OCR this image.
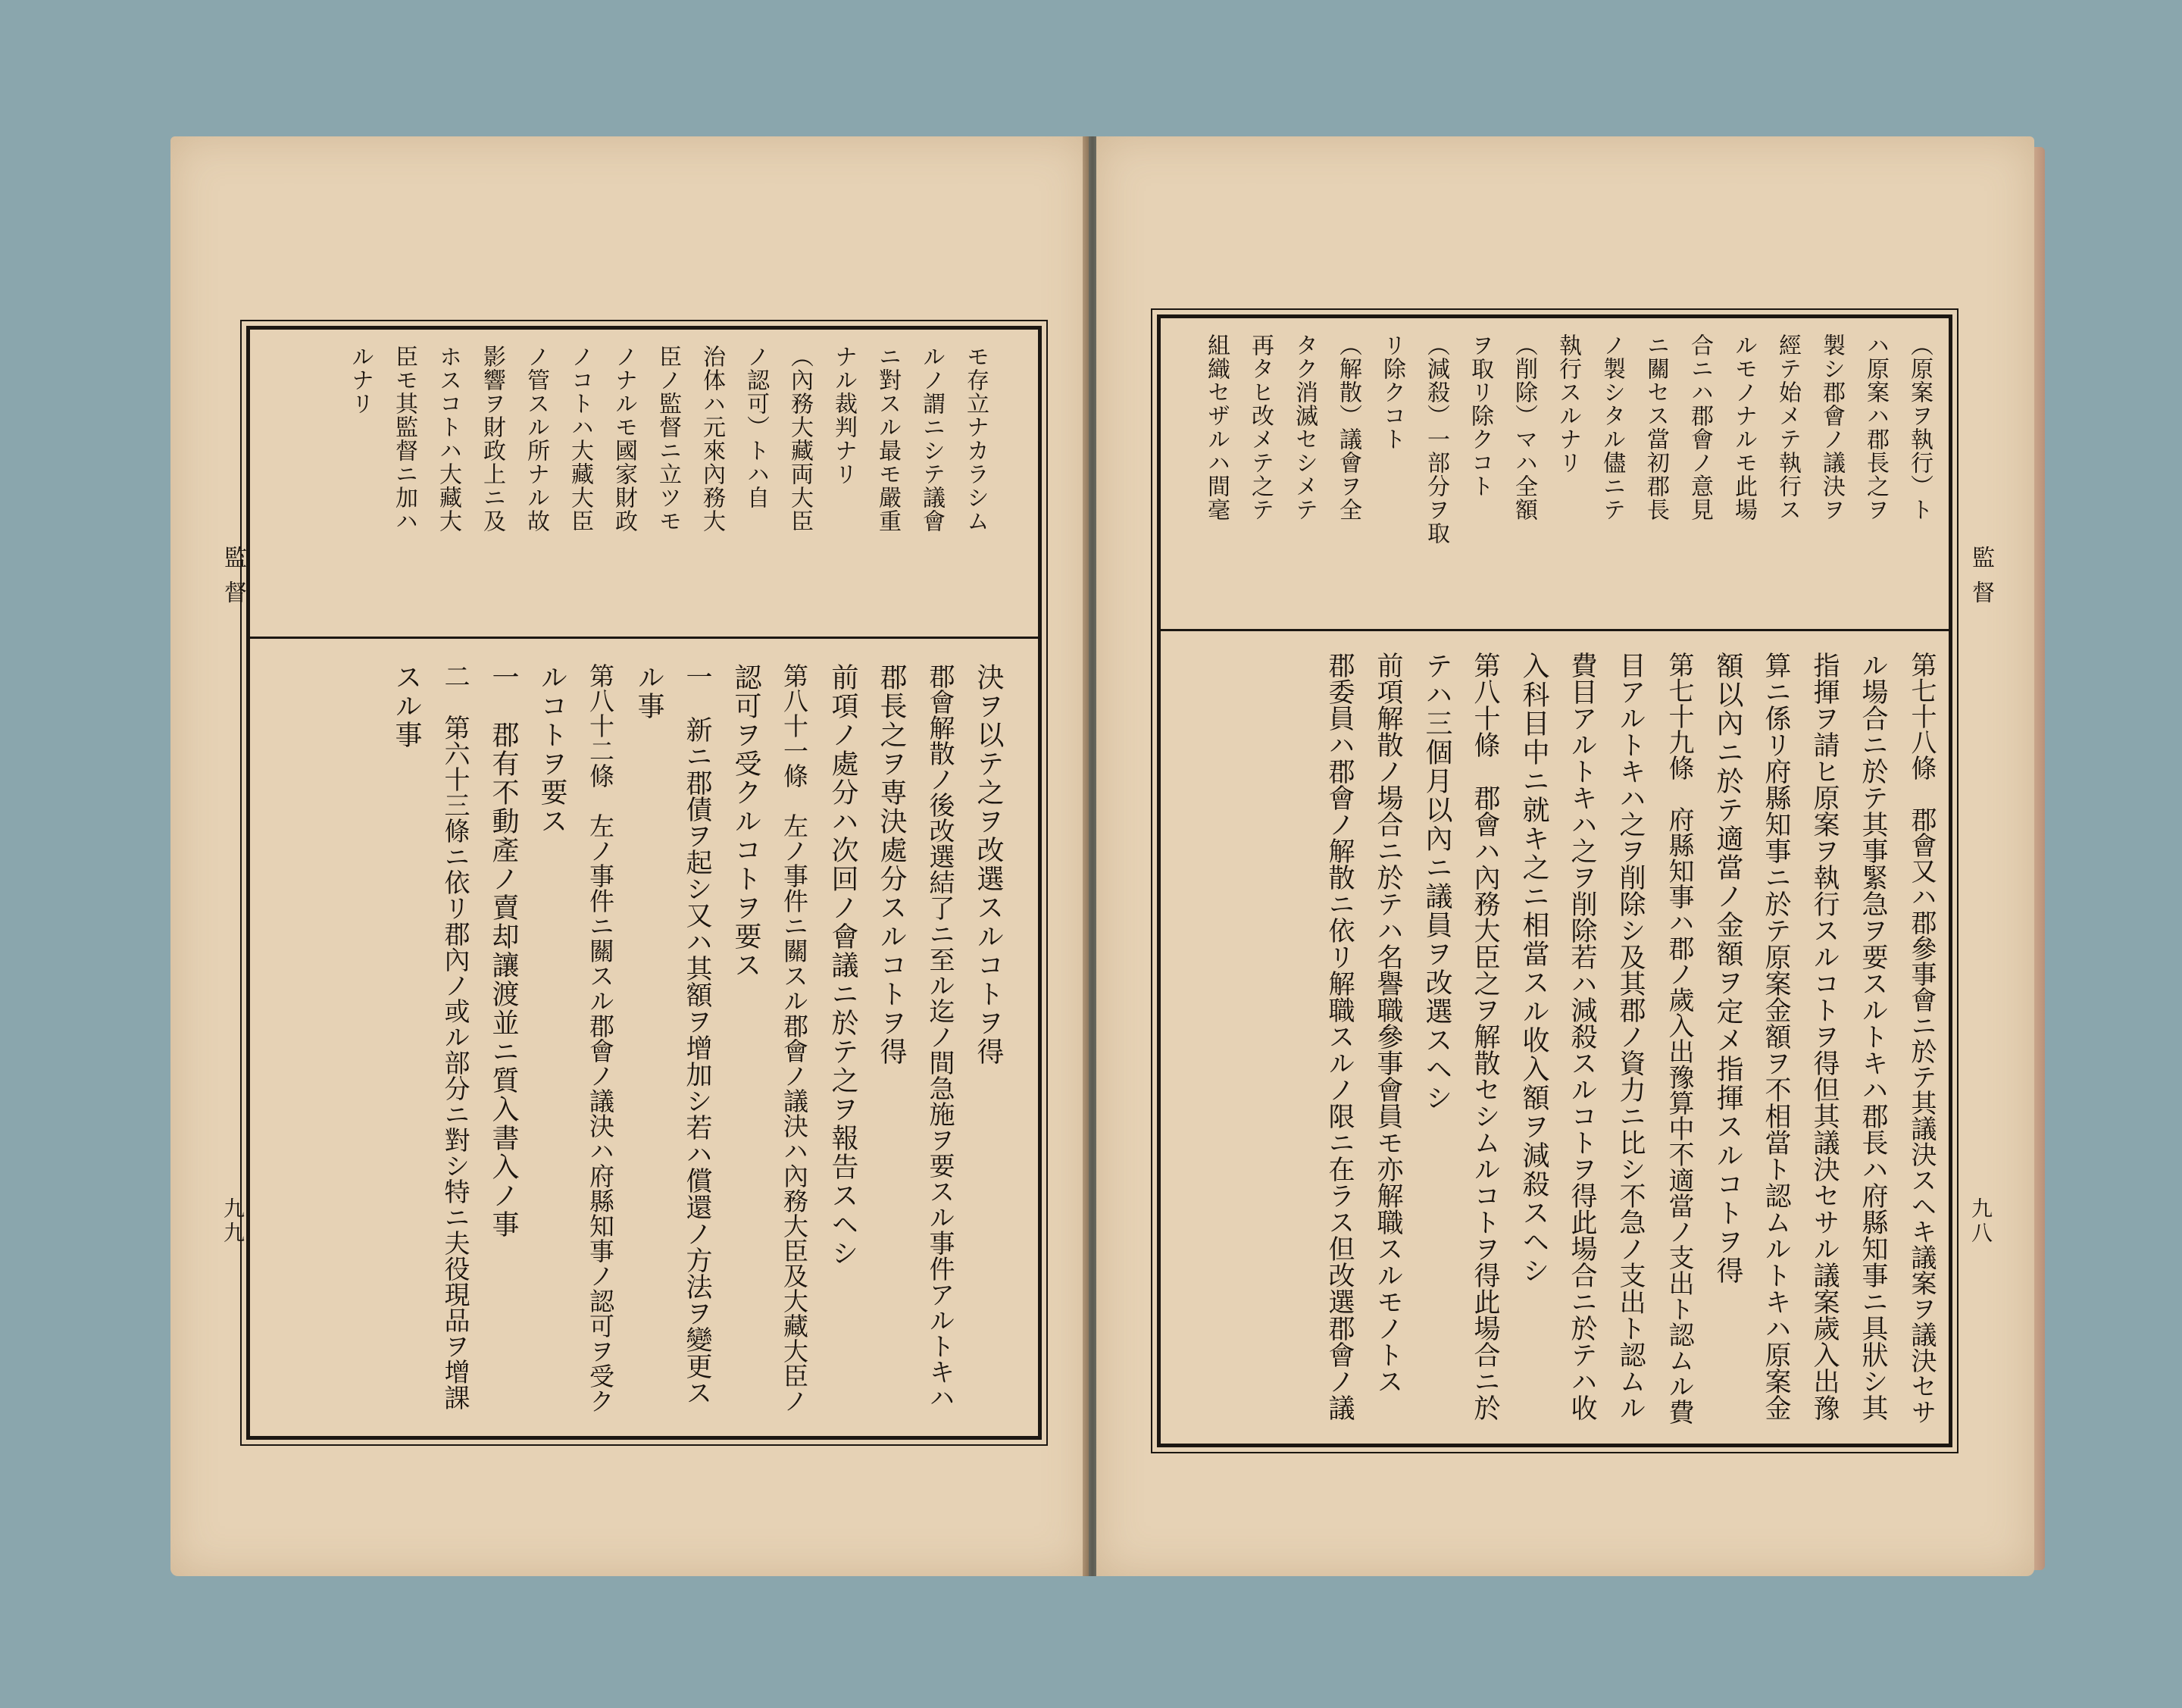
モ存立ナカラシム
ルノ謂ニシテ議會
ニ對スル最モ嚴重
ナル裁判ナリ
（內務大藏両大臣
ノ認可）トハ自
治体ハ元來內務大
臣ノ監督ニ立ツモ
ノナルモ國家財政
ノコトハ大藏大臣
ノ管スル所ナル故
影響ヲ財政上ニ及
ホスコトハ大藏大
臣モ其監督ニ加ハ
ルナリ
決ヲ以テ之ヲ改選スルコトヲ得
郡會解散ノ後改選結了ニ至ル迄ノ間急施ヲ要スル事件アルトキハ
郡長之ヲ専決處分スルコトヲ得
前項ノ處分ハ次回ノ會議ニ於テ之ヲ報告スヘシ
第八十一條　左ノ事件ニ關スル郡會ノ議決ハ內務大臣及大藏大臣ノ
認可ヲ受クルコトヲ要ス
一　新ニ郡債ヲ起シ又ハ其額ヲ增加シ若ハ償還ノ方法ヲ變更ス
ル事
第八十二條　左ノ事件ニ關スル郡會ノ議決ハ府縣知事ノ認可ヲ受ク
ルコトヲ要ス
一　郡有不動產ノ賣却讓渡並ニ質入書入ノ事
二　第六十三條ニ依リ郡內ノ或ル部分ニ對シ特ニ夫役現品ヲ增課
スル事
監督
九九
（原案ヲ執行）ト
ハ原案ハ郡長之ヲ
製シ郡會ノ議決ヲ
經テ始メテ執行ス
ルモノナルモ此場
合ニハ郡會ノ意見
ニ關セス當初郡長
ノ製シタル儘ニテ
執行スルナリ
（削除）マハ全額
ヲ取リ除クコト
（減殺）一部分ヲ取
リ除クコト
（解散）議會ヲ全
タク消滅セシメテ
再タヒ改メテ之テ
組織セザルハ間毫
第七十八條　郡會又ハ郡參事會ニ於テ其議決スヘキ議案ヲ議決セサ
ル場合ニ於テ其事緊急ヲ要スルトキハ郡長ハ府縣知事ニ具狀シ其
指揮ヲ請ヒ原案ヲ執行スルコトヲ得但其議決セサル議案歲入出豫
算ニ係リ府縣知事ニ於テ原案金額ヲ不相當ト認ムルトキハ原案金
額以內ニ於テ適當ノ金額ヲ定メ指揮スルコトヲ得
第七十九條　府縣知事ハ郡ノ歲入出豫算中不適當ノ支出ト認ムル費
目アルトキハ之ヲ削除シ及其郡ノ資力ニ比シ不急ノ支出ト認ムル
費目アルトキハ之ヲ削除若ハ減殺スルコトヲ得此場合ニ於テハ收
入科目中ニ就キ之ニ相當スル收入額ヲ減殺スヘシ
第八十條　郡會ハ內務大臣之ヲ解散セシムルコトヲ得此場合ニ於
テハ三個月以內ニ議員ヲ改選スヘシ
前項解散ノ場合ニ於テハ名譽職參事會員モ亦解職スルモノトス
郡委員ハ郡會ノ解散ニ依リ解職スルノ限ニ在ラス但改選郡會ノ議
監督
九八
